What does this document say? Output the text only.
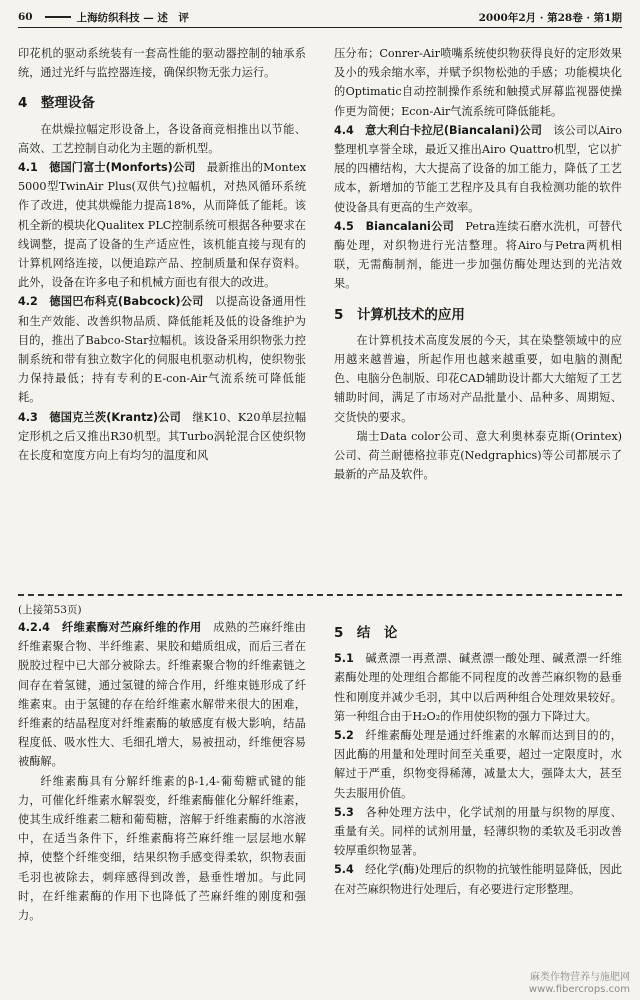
60	上海纺织科技 — 述　评	2000年2月 · 第28卷 · 第1期

印花机的驱动系统装有一套高性能的驱动器控制的轴承系统，通过光纤与监控器连接，确保织物无张力运行。

4　整理设备

在烘燥拉幅定形设备上，各设备商竞相推出以节能、高效、工艺控制自动化为主题的新机型。

4.1　德国门富士(Monforts)公司  最新推出的Montex 5000型TwinAir Plus(双供气)拉幅机，对热风循环系统作了改进，使其烘燥能力提高18%，从而降低了能耗。该机全新的模块化Qualitex PLC控制系统可根据各种要求在线调整，提高了设备的生产适应性，该机能直接与现有的计算机网络连接，以便追踪产品、控制质量和保存资料。此外，设备在许多电子和机械方面也有很大的改进。

4.2　德国巴布科克(Babcock)公司  以提高设备通用性和生产效能、改善织物品质、降低能耗及低的设备维护为目的，推出了Babco-Star拉幅机。该设备采用织物张力控制系统和带有独立数字化的伺服电机驱动机构，使织物张力保持最低；持有专利的E-con-Air气流系统可降低能耗。

4.3　德国克兰茨(Krantz)公司  继K10、K20单层拉幅定形机之后又推出R30机型。其Turbo涡轮混合区使织物在长度和宽度方向上有均匀的温度和风

压分布；Conrer-Air喷嘴系统使织物获得良好的定形效果及小的残余缩水率，并赋予织物松弛的手感；功能模块化的Optimatic自动控制操作系统和触摸式屏幕监视器使操作更为简便；Econ-Air气流系统可降低能耗。

4.4　意大利白卡拉尼(Biancalani)公司  该公司以Airo整理机享誉全球，最近又推出Airo Quattro机型，它以扩展的四槽结构，大大提高了设备的加工能力，降低了工艺成本，新增加的节能工艺程序及具有自我检测功能的软件使设备具有更高的生产效率。

4.5　Biancalani公司  Petra连续石磨水洗机，可替代酶处理，对织物进行光洁整理。将Airo与Petra两机相联，无需酶制剂，能进一步加强仿酶处理达到的光洁效果。

5　计算机技术的应用

在计算机技术高度发展的今天，其在染整领域中的应用越来越普遍，所起作用也越来越重要，如电脑的测配色、电脑分色制版、印花CAD辅助设计都大大缩短了工艺辅助时间，满足了市场对产品批量小、品种多、周期短、交货快的要求。

瑞士Data color公司、意大利奥林泰克斯(Orintex)公司、荷兰耐德格拉菲克(Nedgraphics)等公司都展示了最新的产品及软件。

(上接第53页)

4.2.4　纤维素酶对苎麻纤维的作用  成熟的苎麻纤维由纤维素聚合物、半纤维素、果胶和蜡质组成，而后三者在脱胶过程中已大部分被除去。纤维素聚合物的纤维素链之间存在着氢键，通过氢键的缔合作用，纤维束链形成了纤维素束。由于氢键的存在给纤维素水解带来很大的困难，纤维素的结晶程度对纤维素酶的敏感度有极大影响，结晶程度低、吸水性大、毛细孔增大，易被扭动，纤维便容易被酶解。

纤维素酶具有分解纤维素的β-1,4-葡萄糖甙键的能力，可催化纤维素水解裂变，纤维素酶催化分解纤维素，使其生成纤维素二糖和葡萄糖，溶解于纤维素酶的水溶液中，在适当条件下，纤维素酶将苎麻纤维一层层地水解掉，使整个纤维变细，结果织物手感变得柔软，织物表面毛羽也被除去，刺痒感得到改善，悬垂性增加。与此同时，在纤维素酶的作用下也降低了苎麻纤维的刚度和强力。

5　结　论

5.1  碱煮漂一再煮漂、碱煮漂一酸处理、碱煮漂一纤维素酶处理的处理组合都能不同程度的改善苎麻织物的悬垂性和刚度并减少毛羽，其中以后两种组合处理效果较好。第一种组合由于H₂O₂的作用使织物的强力下降过大。

5.2  纤维素酶处理是通过纤维素的水解而达到目的的，因此酶的用量和处理时间至关重要，超过一定限度时，水解过于严重，织物变得稀薄，减量太大，强降太大，甚至失去服用价值。

5.3  各种处理方法中，化学试剂的用量与织物的厚度、重量有关。同样的试剂用量，轻薄织物的柔软及毛羽改善较厚重织物显著。

5.4  经化学(酶)处理后的织物的抗皱性能明显降低，因此在对苎麻织物进行处理后，有必要进行定形整理。

麻类作物营养与施肥网
www.fibercrops.com
